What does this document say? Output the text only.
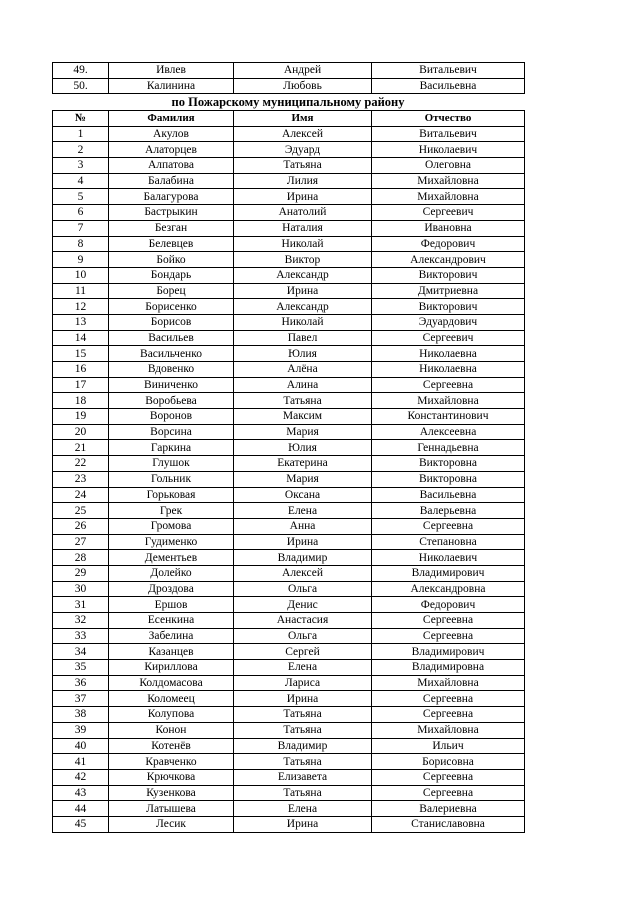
49.	Ивлев	Андрей	Витальевич
50.	Калинина	Любовь	Васильевна
по Пожарскому муниципальному району
№	Фамилия	Имя	Отчество
1	Акулов	Алексей	Витальевич
2	Алаторцев	Эдуард	Николаевич
3	Алпатова	Татьяна	Олеговна
4	Балабина	Лилия	Михайловна
5	Балагурова	Ирина	Михайловна
6	Бастрыкин	Анатолий	Сергеевич
7	Безган	Наталия	Ивановна
8	Белевцев	Николай	Федорович
9	Бойко	Виктор	Александрович
10	Бондарь	Александр	Викторович
11	Борец	Ирина	Дмитриевна
12	Борисенко	Александр	Викторович
13	Борисов	Николай	Эдуардович
14	Васильев	Павел	Сергеевич
15	Васильченко	Юлия	Николаевна
16	Вдовенко	Алёна	Николаевна
17	Виниченко	Алина	Сергеевна
18	Воробьева	Татьяна	Михайловна
19	Воронов	Максим	Константинович
20	Ворсина	Мария	Алексеевна
21	Гаркина	Юлия	Геннадьевна
22	Глушок	Екатерина	Викторовна
23	Гольник	Мария	Викторовна
24	Горьковая	Оксана	Васильевна
25	Грек	Елена	Валерьевна
26	Громова	Анна	Сергеевна
27	Гудименко	Ирина	Степановна
28	Дементьев	Владимир	Николаевич
29	Долейко	Алексей	Владимирович
30	Дроздова	Ольга	Александровна
31	Ершов	Денис	Федорович
32	Есенкина	Анастасия	Сергеевна
33	Забелина	Ольга	Сергеевна
34	Казанцев	Сергей	Владимирович
35	Кириллова	Елена	Владимировна
36	Колдомасова	Лариса	Михайловна
37	Коломеец	Ирина	Сергеевна
38	Колупова	Татьяна	Сергеевна
39	Конон	Татьяна	Михайловна
40	Котенёв	Владимир	Ильич
41	Кравченко	Татьяна	Борисовна
42	Крючкова	Елизавета	Сергеевна
43	Кузенкова	Татьяна	Сергеевна
44	Латышева	Елена	Валериевна
45	Лесик	Ирина	Станиславовна
